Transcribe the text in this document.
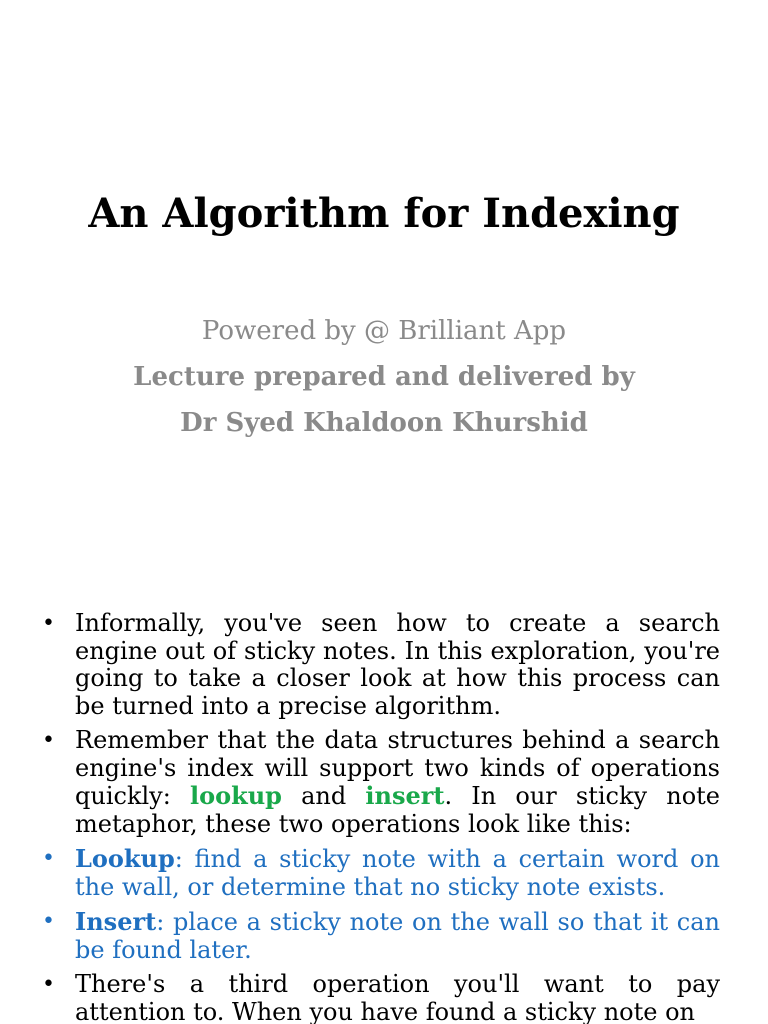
An Algorithm for Indexing
Powered by @ Brilliant App
Lecture prepared and delivered by
Dr Syed Khaldoon Khurshid
• Informally, you've seen how to create a search engine out of sticky notes. In this exploration, you're going to take a closer look at how this process can be turned into a precise algorithm.
• Remember that the data structures behind a search engine's index will support two kinds of operations quickly: lookup and insert. In our sticky note metaphor, these two operations look like this:
• Lookup: find a sticky note with a certain word on the wall, or determine that no sticky note exists.
• Insert: place a sticky note on the wall so that it can be found later.
• There's a third operation you'll want to pay attention to. When you have found a sticky note on
